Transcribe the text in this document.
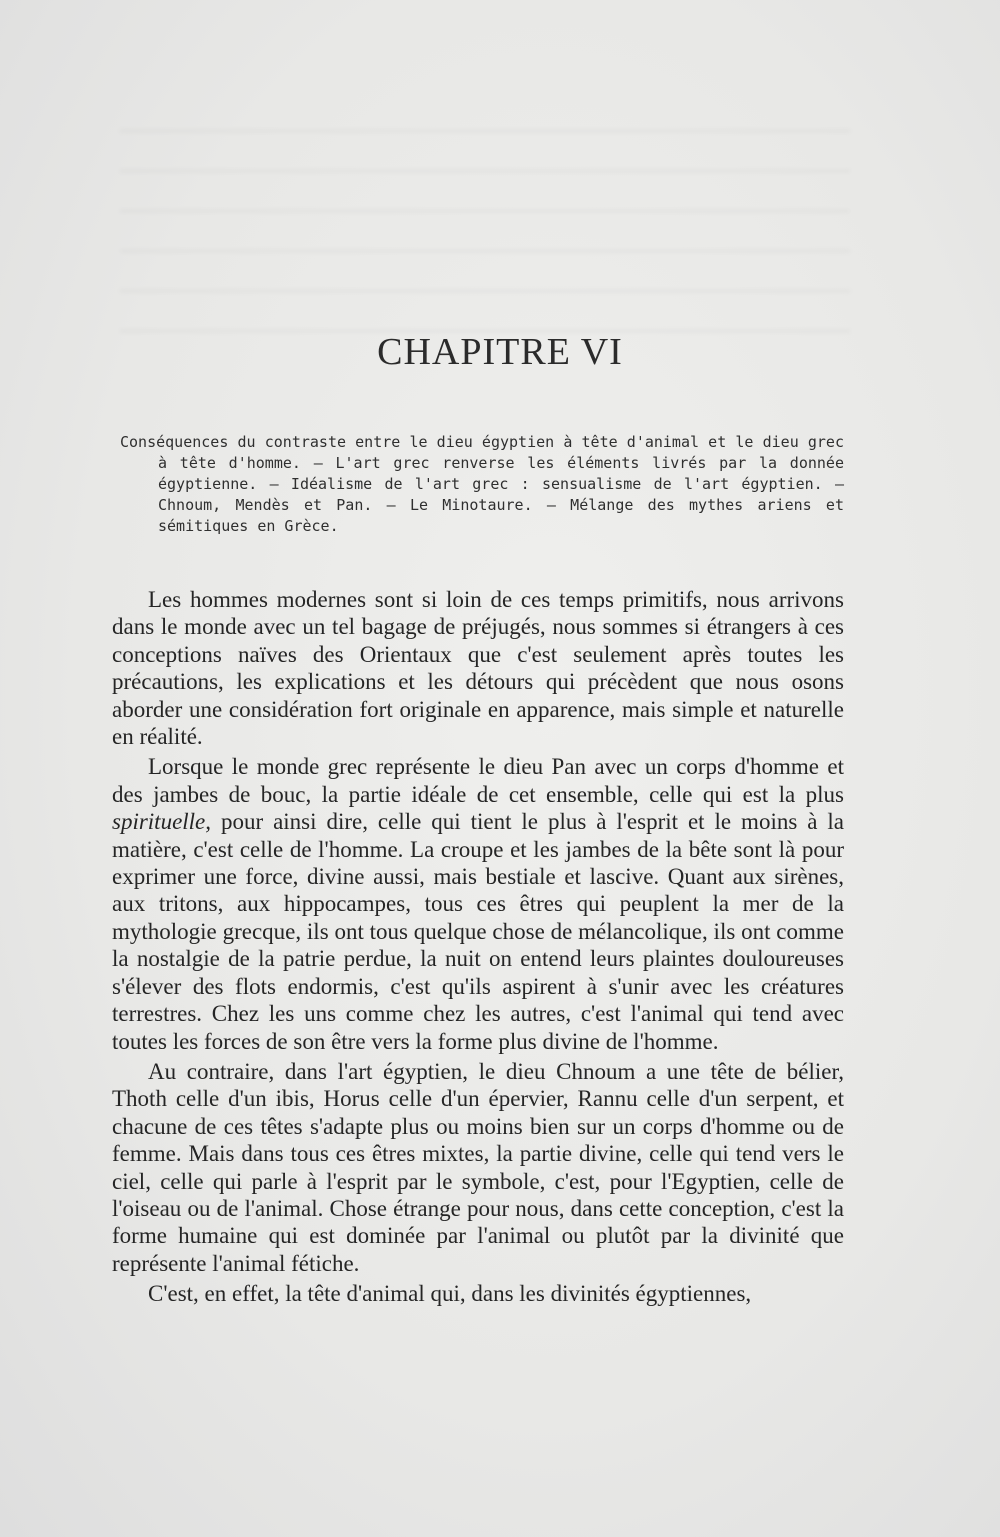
CHAPITRE VI

Conséquences du contraste entre le dieu égyptien à tête d'animal et le dieu grec à tête d'homme. — L'art grec renverse les éléments livrés par la donnée égyptienne. — Idéalisme de l'art grec : sensualisme de l'art égyptien. — Chnoum, Mendès et Pan. — Le Minotaure. — Mélange des mythes ariens et sémitiques en Grèce.

Les hommes modernes sont si loin de ces temps primitifs, nous arrivons dans le monde avec un tel bagage de préjugés, nous sommes si étrangers à ces conceptions naïves des Orientaux que c'est seulement après toutes les précautions, les explications et les détours qui précèdent que nous osons aborder une considération fort originale en apparence, mais simple et naturelle en réalité.

Lorsque le monde grec représente le dieu Pan avec un corps d'homme et des jambes de bouc, la partie idéale de cet ensemble, celle qui est la plus spirituelle, pour ainsi dire, celle qui tient le plus à l'esprit et le moins à la matière, c'est celle de l'homme. La croupe et les jambes de la bête sont là pour exprimer une force, divine aussi, mais bestiale et lascive. Quant aux sirènes, aux tritons, aux hippocampes, tous ces êtres qui peuplent la mer de la mythologie grecque, ils ont tous quelque chose de mélancolique, ils ont comme la nostalgie de la patrie perdue, la nuit on entend leurs plaintes douloureuses s'élever des flots endormis, c'est qu'ils aspirent à s'unir avec les créatures terrestres. Chez les uns comme chez les autres, c'est l'animal qui tend avec toutes les forces de son être vers la forme plus divine de l'homme.

Au contraire, dans l'art égyptien, le dieu Chnoum a une tête de bélier, Thoth celle d'un ibis, Horus celle d'un épervier, Rannu celle d'un serpent, et chacune de ces têtes s'adapte plus ou moins bien sur un corps d'homme ou de femme. Mais dans tous ces êtres mixtes, la partie divine, celle qui tend vers le ciel, celle qui parle à l'esprit par le symbole, c'est, pour l'Egyptien, celle de l'oiseau ou de l'animal. Chose étrange pour nous, dans cette conception, c'est la forme humaine qui est dominée par l'animal ou plutôt par la divinité que représente l'animal fétiche.

C'est, en effet, la tête d'animal qui, dans les divinités égyptiennes,
